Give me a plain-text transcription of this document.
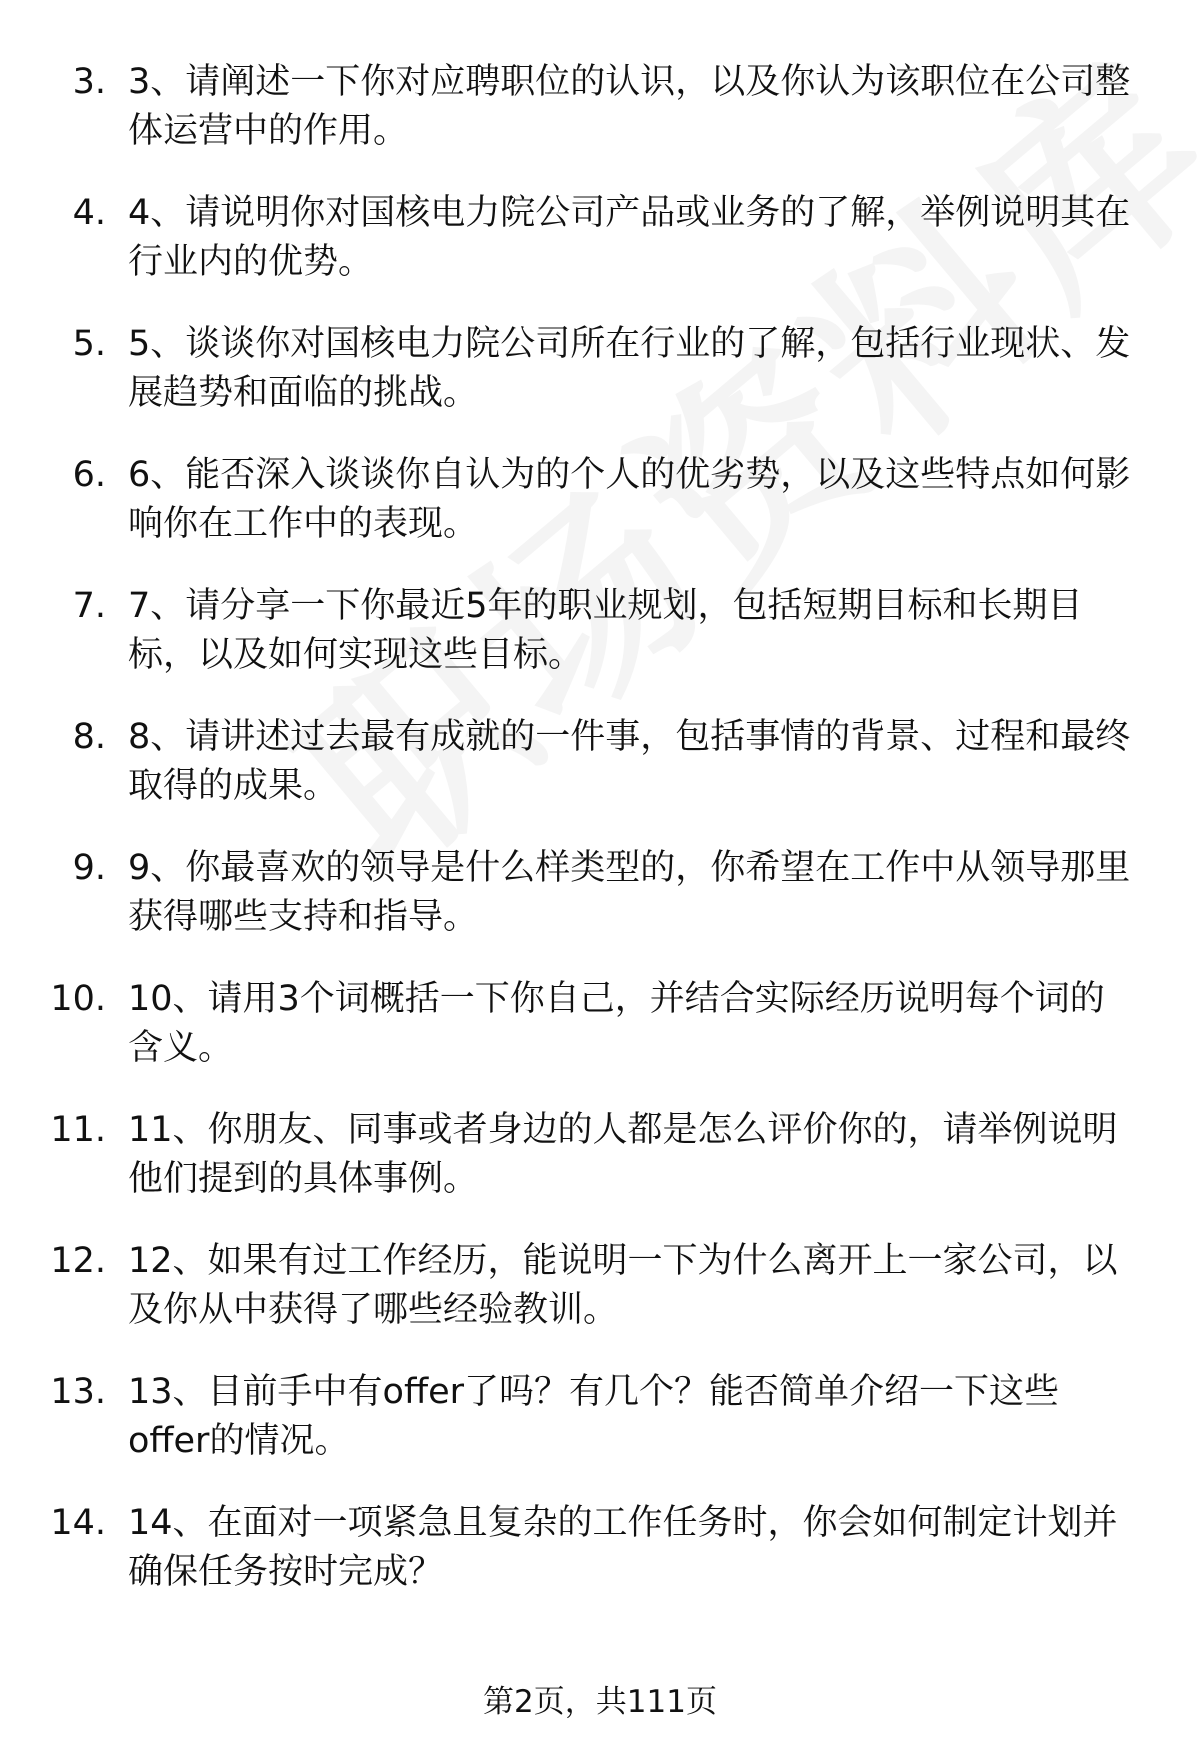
3. 3、请阐述一下你对应聘职位的认识，以及你认为该职位在公司整
体运营中的作用。
4. 4、请说明你对国核电力院公司产品或业务的了解，举例说明其在
行业内的优势。
5. 5、谈谈你对国核电力院公司所在行业的了解，包括行业现状、发
展趋势和面临的挑战。
6. 6、能否深入谈谈你自认为的个人的优劣势，以及这些特点如何影
响你在工作中的表现。
7. 7、请分享一下你最近5年的职业规划，包括短期目标和长期目
标，以及如何实现这些目标。
8. 8、请讲述过去最有成就的一件事，包括事情的背景、过程和最终
取得的成果。
9. 9、你最喜欢的领导是什么样类型的，你希望在工作中从领导那里
获得哪些支持和指导。
10. 10、请用3个词概括一下你自己，并结合实际经历说明每个词的
含义。
11. 11、你朋友、同事或者身边的人都是怎么评价你的，请举例说明
他们提到的具体事例。
12. 12、如果有过工作经历，能说明一下为什么离开上一家公司，以
及你从中获得了哪些经验教训。
13. 13、目前手中有offer了吗？有几个？能否简单介绍一下这些
offer的情况。
14. 14、在面对一项紧急且复杂的工作任务时，你会如何制定计划并
确保任务按时完成？
第2页，共111页
